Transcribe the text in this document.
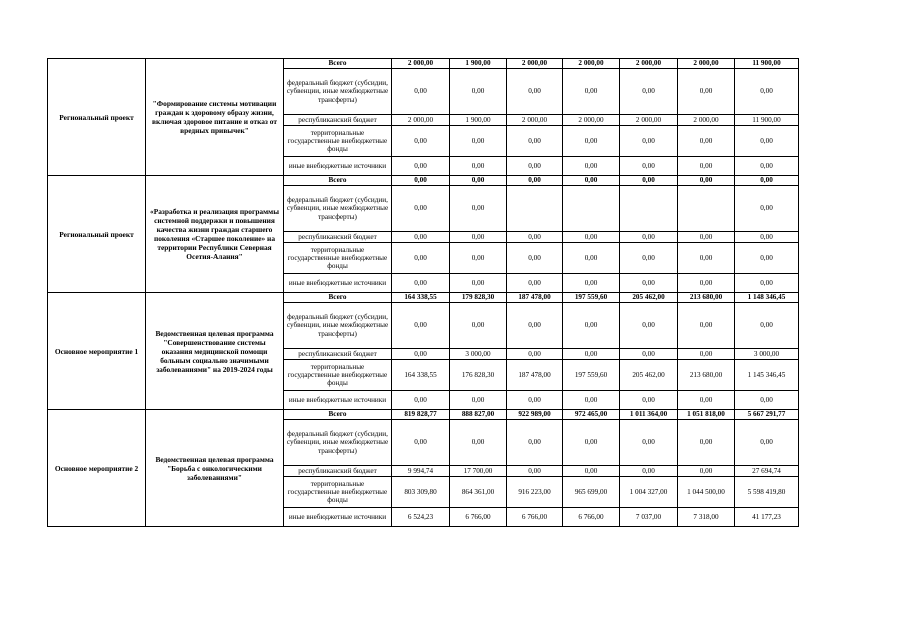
Региональный проект	"Формирование системы мотивации граждан к здоровому образу жизни, включая здоровое питание и отказ от вредных привычек"	Всего	2 000,00	1 900,00	2 000,00	2 000,00	2 000,00	2 000,00	11 900,00
		федеральный бюджет (субсидии, субвенции, иные межбюджетные трансферты)	0,00	0,00	0,00	0,00	0,00	0,00	0,00
		республиканский бюджет	2 000,00	1 900,00	2 000,00	2 000,00	2 000,00	2 000,00	11 900,00
		территориальные государственные внебюджетные фонды	0,00	0,00	0,00	0,00	0,00	0,00	0,00
		иные внебюджетные источники	0,00	0,00	0,00	0,00	0,00	0,00	0,00
Региональный проект	«Разработка и реализация программы системной поддержки и повышения качества жизни граждан старшего поколения «Старшее поколение» на территории Республики Северная Осетия-Алания"	Всего	0,00	0,00	0,00	0,00	0,00	0,00	0,00
		федеральный бюджет (субсидии, субвенции, иные межбюджетные трансферты)	0,00	0,00					0,00
		республиканский бюджет	0,00	0,00	0,00	0,00	0,00	0,00	0,00
		территориальные государственные внебюджетные фонды	0,00	0,00	0,00	0,00	0,00	0,00	0,00
		иные внебюджетные источники	0,00	0,00	0,00	0,00	0,00	0,00	0,00
Основное мероприятие 1	Ведомственная целевая программа "Совершенствование системы оказания медицинской помощи больным социально значимыми заболеваниями" на 2019-2024 годы	Всего	164 338,55	179 828,30	187 478,00	197 559,60	205 462,00	213 680,00	1 148 346,45
		федеральный бюджет (субсидии, субвенции, иные межбюджетные трансферты)	0,00	0,00	0,00	0,00	0,00	0,00	0,00
		республиканский бюджет	0,00	3 000,00	0,00	0,00	0,00	0,00	3 000,00
		территориальные государственные внебюджетные фонды	164 338,55	176 828,30	187 478,00	197 559,60	205 462,00	213 680,00	1 145 346,45
		иные внебюджетные источники	0,00	0,00	0,00	0,00	0,00	0,00	0,00
Основное мероприятие 2	Ведомственная целевая программа "Борьба с онкологическими заболеваниями"	Всего	819 828,77	888 827,00	922 989,00	972 465,00	1 011 364,00	1 051 818,00	5 667 291,77
		федеральный бюджет (субсидии, субвенции, иные межбюджетные трансферты)	0,00	0,00	0,00	0,00	0,00	0,00	0,00
		республиканский бюджет	9 994,74	17 700,00	0,00	0,00	0,00	0,00	27 694,74
		территориальные государственные внебюджетные фонды	803 309,80	864 361,00	916 223,00	965 699,00	1 004 327,00	1 044 500,00	5 598 419,80
		иные внебюджетные источники	6 524,23	6 766,00	6 766,00	6 766,00	7 037,00	7 318,00	41 177,23
